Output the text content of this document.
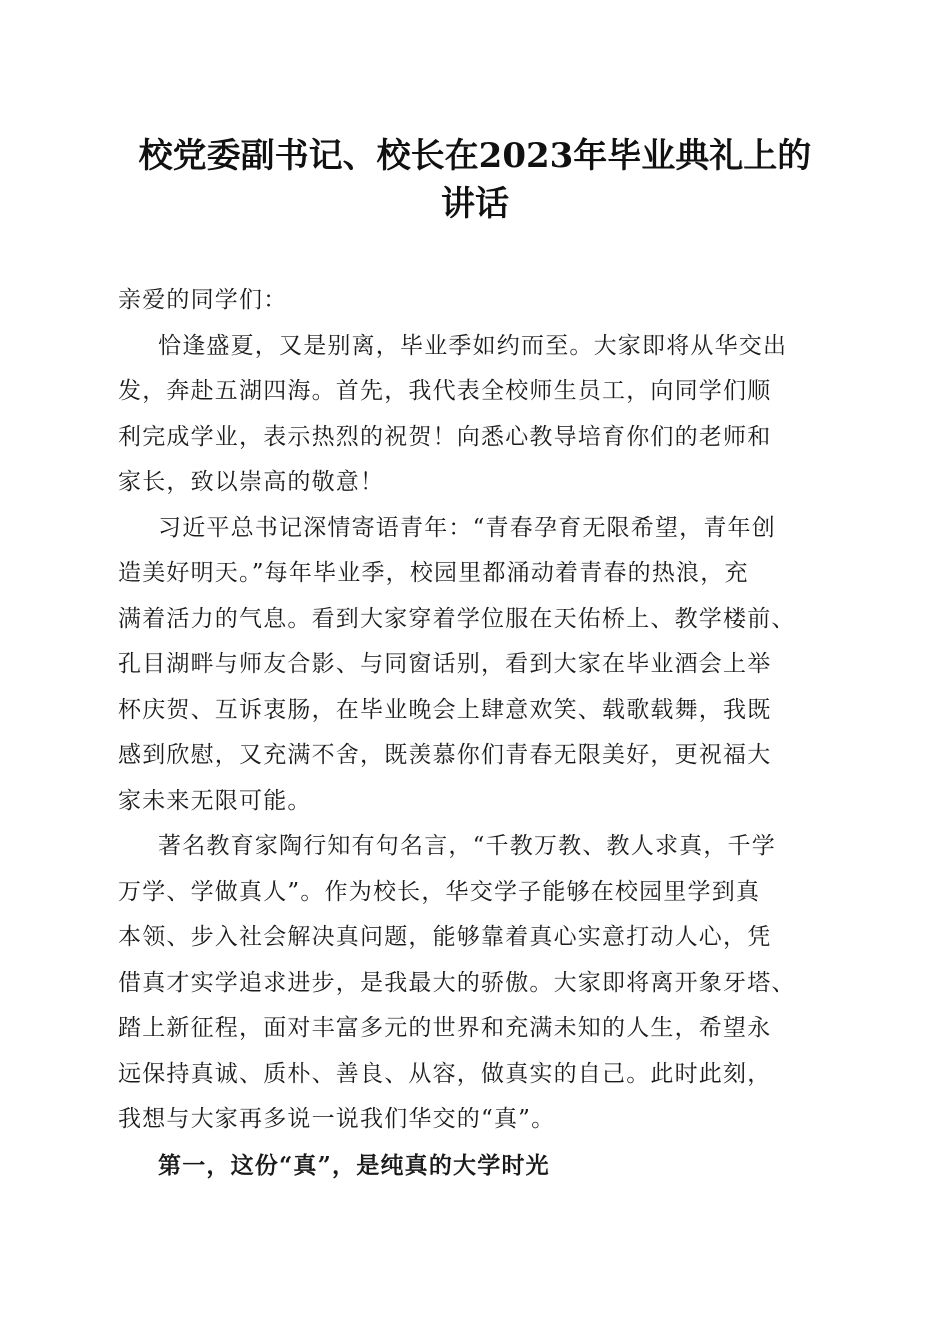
校党委副书记、校长在2023年毕业典礼上的
讲话
亲爱的同学们：
恰逢盛夏，又是别离，毕业季如约而至。大家即将从华交出
发，奔赴五湖四海。首先，我代表全校师生员工，向同学们顺
利完成学业，表示热烈的祝贺！向悉心教导培育你们的老师和
家长，致以崇高的敬意！
习近平总书记深情寄语青年：“青春孕育无限希望，青年创
造美好明天。”每年毕业季，校园里都涌动着青春的热浪，充
满着活力的气息。看到大家穿着学位服在天佑桥上、教学楼前、
孔目湖畔与师友合影、与同窗话别，看到大家在毕业酒会上举
杯庆贺、互诉衷肠，在毕业晚会上肆意欢笑、载歌载舞，我既
感到欣慰，又充满不舍，既羡慕你们青春无限美好，更祝福大
家未来无限可能。
著名教育家陶行知有句名言，“千教万教、教人求真，千学
万学、学做真人”。作为校长，华交学子能够在校园里学到真
本领、步入社会解决真问题，能够靠着真心实意打动人心，凭
借真才实学追求进步，是我最大的骄傲。大家即将离开象牙塔、
踏上新征程，面对丰富多元的世界和充满未知的人生，希望永
远保持真诚、质朴、善良、从容，做真实的自己。此时此刻，
我想与大家再多说一说我们华交的“真”。
第一，这份“真”，是纯真的大学时光
